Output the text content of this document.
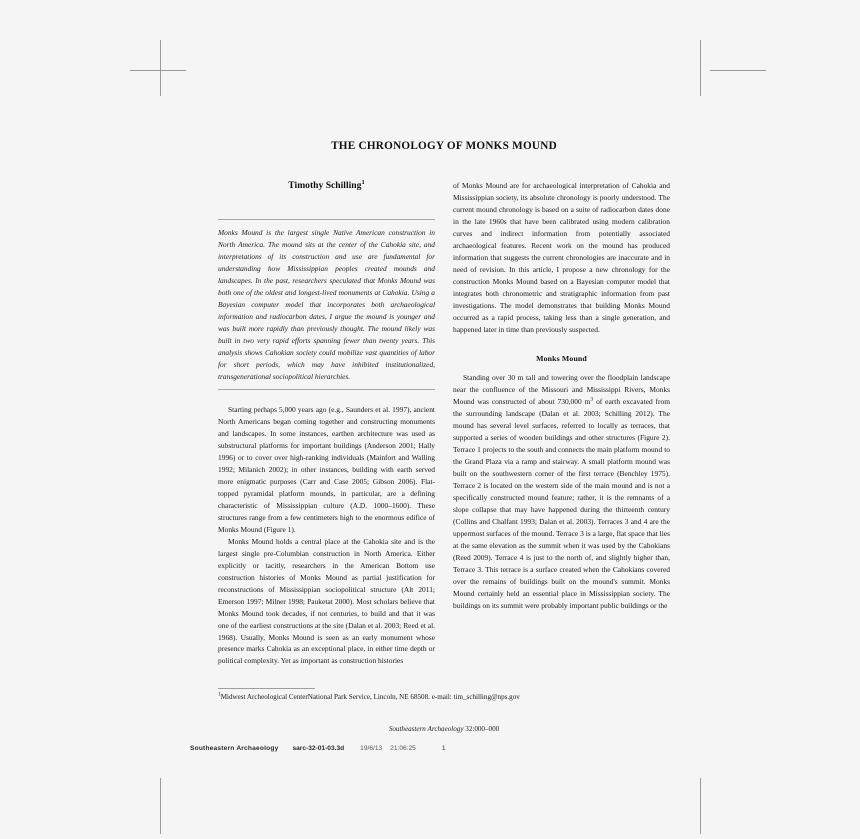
THE CHRONOLOGY OF MONKS MOUND
Timothy Schilling$^1$

Monks Mound is the largest single Native American construction in North America. The mound sits at the center of the Cahokia site, and interpretations of its construction and use are fundamental for understanding how Mississippian peoples created mounds and landscapes. In the past, researchers speculated that Monks Mound was both one of the oldest and longest-lived monuments at Cahokia. Using a Bayesian computer model that incorporates both archaeological information and radiocarbon dates, I argue the mound is younger and was built more rapidly than previously thought. The mound likely was built in two very rapid efforts spanning fewer than twenty years. This analysis shows Cahokian society could mobilize vast quantities of labor for short periods, which may have inhibited institutionalized, transgenerational sociopolitical hierarchies.

Starting perhaps 5,000 years ago (e.g., Saunders et al. 1997), ancient North Americans began coming together and constructing monuments and landscapes. In some instances, earthen architecture was used as substructural platforms for important buildings (Anderson 2001; Hally 1996) or to cover over high-ranking individuals (Mainfort and Walling 1992; Milanich 2002); in other instances, building with earth served more enigmatic purposes (Carr and Case 2005; Gibson 2006). Flat-topped pyramidal platform mounds, in particular, are a defining characteristic of Mississippian culture (A.D. 1000–1600). These structures range from a few centimeters high to the enormous edifice of Monks Mound (Figure 1).

Monks Mound holds a central place at the Cahokia site and is the largest single pre-Columbian construction in North America. Either explicitly or tacitly, researchers in the American Bottom use construction histories of Monks Mound as partial justification for reconstructions of Mississippian sociopolitical structure (Alt 2011; Emerson 1997; Milner 1998; Pauketat 2000). Most scholars believe that Monks Mound took decades, if not centuries, to build and that it was one of the earliest constructions at the site (Dalan et al. 2003; Reed et al. 1968). Usually, Monks Mound is seen as an early monument whose presence marks Cahokia as an exceptional place, in either time depth or political complexity. Yet as important as construction histories

of Monks Mound are for archaeological interpretation of Cahokia and Mississippian society, its absolute chronology is poorly understood. The current mound chronology is based on a suite of radiocarbon dates done in the late 1960s that have been calibrated using modern calibration curves and indirect information from potentially associated archaeological features. Recent work on the mound has produced information that suggests the current chronologies are inaccurate and in need of revision. In this article, I propose a new chronology for the construction Monks Mound based on a Bayesian computer model that integrates both chronometric and stratigraphic information from past investigations. The model demonstrates that building Monks Mound occurred as a rapid process, taking less than a single generation, and happened later in time than previously suspected.

Monks Mound

Standing over 30 m tall and towering over the floodplain landscape near the confluence of the Missouri and Mississippi Rivers, Monks Mound was constructed of about 730,000 $m^3$ of earth excavated from the surrounding landscape (Dalan et al. 2003; Schilling 2012). The mound has several level surfaces, referred to locally as terraces, that supported a series of wooden buildings and other structures (Figure 2). Terrace 1 projects to the south and connects the main platform mound to the Grand Plaza via a ramp and stairway. A small platform mound was built on the southwestern corner of the first terrace (Benchley 1975). Terrace 2 is located on the western side of the main mound and is not a specifically constructed mound feature; rather, it is the remnants of a slope collapse that may have happened during the thirteenth century (Collins and Chalfant 1993; Dalan et al. 2003). Terraces 3 and 4 are the uppermost surfaces of the mound. Terrace 3 is a large, flat space that lies at the same elevation as the summit when it was used by the Cahokians (Reed 2009). Terrace 4 is just to the north of, and slightly higher than, Terrace 3. This terrace is a surface created when the Cahokians covered over the remains of buildings built on the mound's summit. Monks Mound certainly held an essential place in Mississippian society. The buildings on its summit were probably important public buildings or the

$^1$Midwest Archeological CenterNational Park Service, Lincoln, NE 68508. e-mail: tim_schilling@nps.gov

Southeastern Archaeology 32:000–000
Southeastern Archaeology sarc-32-01-03.3d 19/6/13 21:06:25	1
